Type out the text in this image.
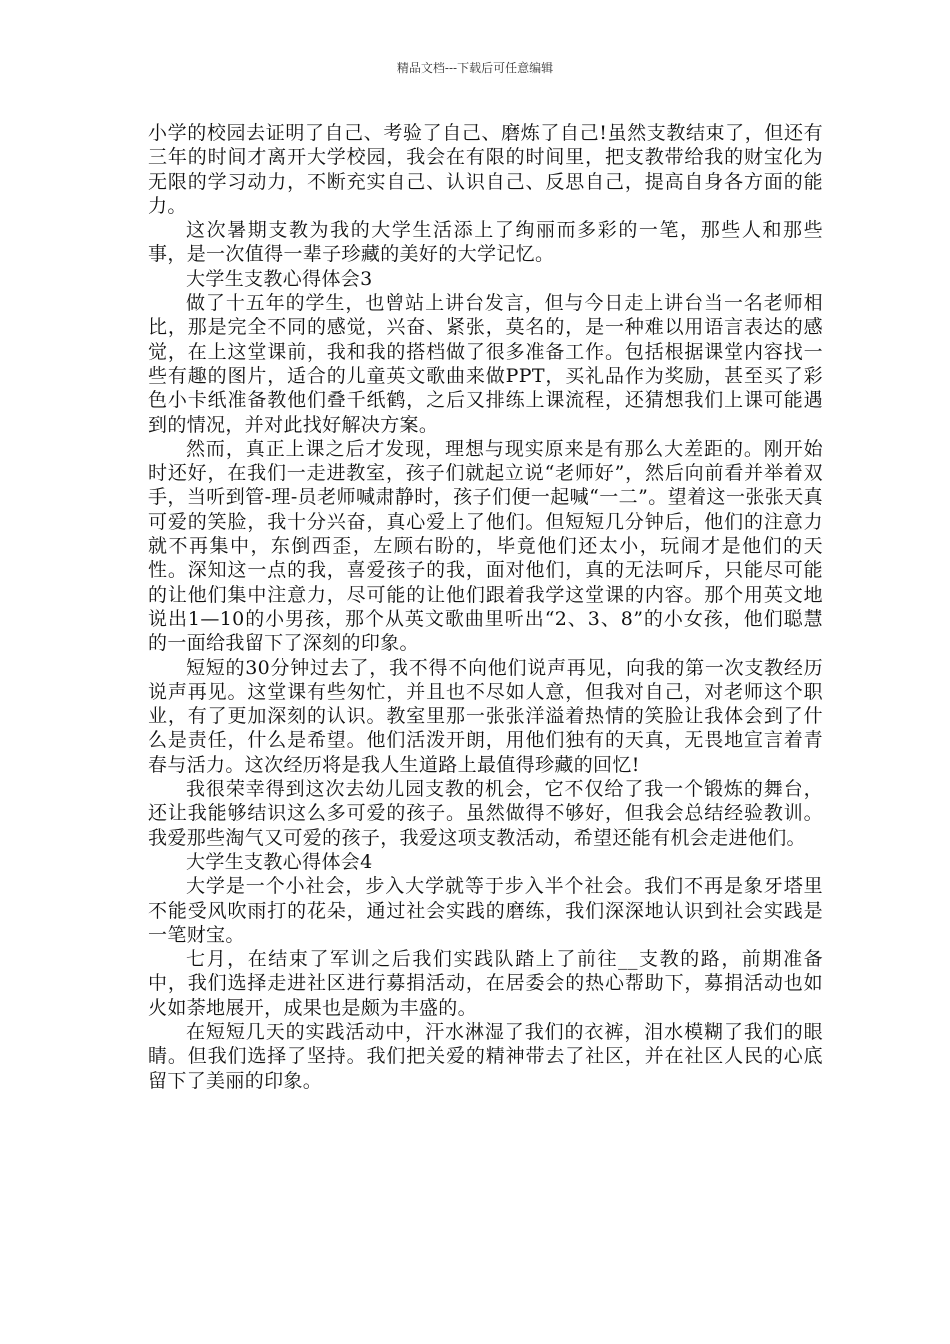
精品文档---下载后可任意编辑

小学的校园去证明了自己、考验了自己、磨炼了自己!虽然支教结束了，但还有三年的时间才离开大学校园，我会在有限的时间里，把支教带给我的财宝化为无限的学习动力，不断充实自己、认识自己、反思自己，提高自身各方面的能力。

这次暑期支教为我的大学生活添上了绚丽而多彩的一笔，那些人和那些事，是一次值得一辈子珍藏的美好的大学记忆。

大学生支教心得体会3

做了十五年的学生，也曾站上讲台发言，但与今日走上讲台当一名老师相比，那是完全不同的感觉，兴奋、紧张，莫名的，是一种难以用语言表达的感觉，在上这堂课前，我和我的搭档做了很多准备工作。包括根据课堂内容找一些有趣的图片，适合的儿童英文歌曲来做PPT，买礼品作为奖励，甚至买了彩色小卡纸准备教他们叠千纸鹤，之后又排练上课流程，还猜想我们上课可能遇到的情况，并对此找好解决方案。

然而，真正上课之后才发现，理想与现实原来是有那么大差距的。刚开始时还好，在我们一走进教室，孩子们就起立说“老师好”，然后向前看并举着双手，当听到管-理-员老师喊肃静时，孩子们便一起喊“一二”。望着这一张张天真可爱的笑脸，我十分兴奋，真心爱上了他们。但短短几分钟后，他们的注意力就不再集中，东倒西歪，左顾右盼的，毕竟他们还太小，玩闹才是他们的天性。深知这一点的我，喜爱孩子的我，面对他们，真的无法呵斥，只能尽可能的让他们集中注意力，尽可能的让他们跟着我学这堂课的内容。那个用英文地说出1—10的小男孩，那个从英文歌曲里听出“2、3、8”的小女孩，他们聪慧的一面给我留下了深刻的印象。

短短的30分钟过去了，我不得不向他们说声再见，向我的第一次支教经历说声再见。这堂课有些匆忙，并且也不尽如人意，但我对自己，对老师这个职业，有了更加深刻的认识。教室里那一张张洋溢着热情的笑脸让我体会到了什么是责任，什么是希望。他们活泼开朗，用他们独有的天真，无畏地宣言着青春与活力。这次经历将是我人生道路上最值得珍藏的回忆!

我很荣幸得到这次去幼儿园支教的机会，它不仅给了我一个锻炼的舞台，还让我能够结识这么多可爱的孩子。虽然做得不够好，但我会总结经验教训。我爱那些淘气又可爱的孩子，我爱这项支教活动，希望还能有机会走进他们。

大学生支教心得体会4

大学是一个小社会，步入大学就等于步入半个社会。我们不再是象牙塔里不能受风吹雨打的花朵，通过社会实践的磨练，我们深深地认识到社会实践是一笔财宝。

七月，在结束了军训之后我们实践队踏上了前往__支教的路，前期准备中，我们选择走进社区进行募捐活动，在居委会的热心帮助下，募捐活动也如火如荼地展开，成果也是颇为丰盛的。

在短短几天的实践活动中，汗水淋湿了我们的衣裤，泪水模糊了我们的眼睛。但我们选择了坚持。我们把关爱的精神带去了社区，并在社区人民的心底留下了美丽的印象。
